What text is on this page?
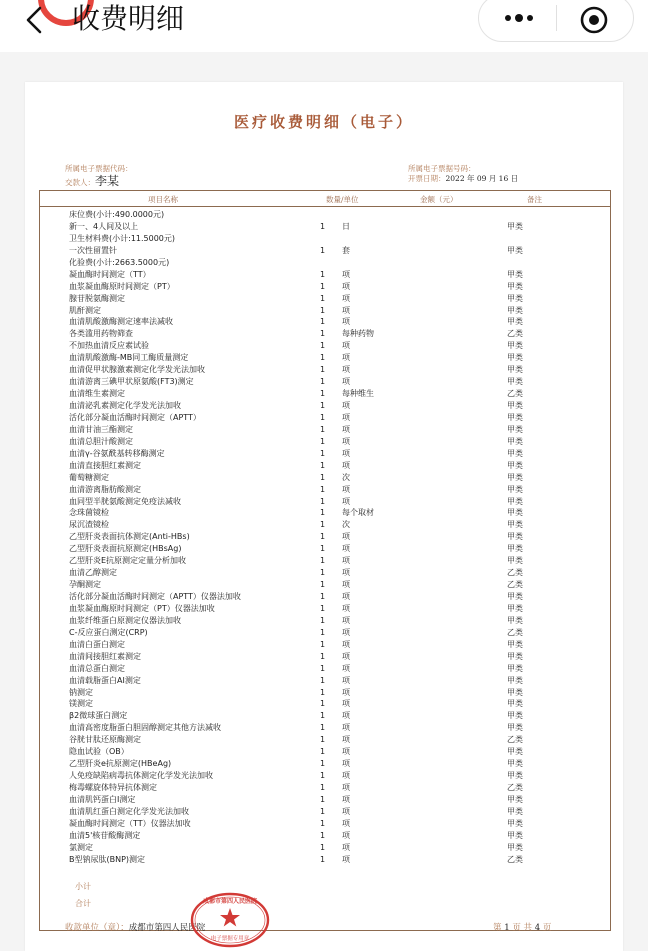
收费明细
医疗收费明细（电子）
所属电子票据代码：
交款人：李某
所属电子票据号码：
开票日期：2022 年 09 月 16 日
项目名称	数量/单位	金额（元）	备注
床位费(小计:490.0000元)
新一、4人间及以上	1 日	甲类
卫生材料费(小计:11.5000元)
一次性留置针	1 套	甲类
化验费(小计:2663.5000元)
凝血酶时间测定（TT）	1 项	甲类
血浆凝血酶原时间测定（PT）	1 项	甲类
腺苷脱氨酶测定	1 项	甲类
肌酐测定	1 项	甲类
血清肌酸激酶测定速率法减收	1 项	甲类
各类滥用药物筛查	1 每种药物	乙类
不加热血清反应素试验	1 项	甲类
血清肌酸激酶-MB同工酶质量测定	1 项	甲类
血清促甲状腺激素测定化学发光法加收	1 项	甲类
血清游离三碘甲状原氨酸(FT3)测定	1 项	甲类
血清维生素测定	1 每种维生	乙类
血清泌乳素测定化学发光法加收	1 项	甲类
活化部分凝血活酶时间测定（APTT）	1 项	甲类
血清甘油三酯测定	1 项	甲类
血清总胆汁酸测定	1 项	甲类
血清γ-谷氨酰基转移酶测定	1 项	甲类
血清直接胆红素测定	1 项	甲类
葡萄糖测定	1 次	甲类
血清游离脂肪酸测定	1 项	甲类
血同型半胱氨酸测定免疫法减收	1 项	甲类
念珠菌镜检	1 每个取材	甲类
尿沉渣镜检	1 次	甲类
乙型肝炎表面抗体测定(Anti-HBs)	1 项	甲类
乙型肝炎表面抗原测定(HBsAg)	1 项	甲类
乙型肝炎E抗原测定定量分析加收	1 项	甲类
血清乙醇测定	1 项	乙类
孕酮测定	1 项	乙类
活化部分凝血活酶时间测定（APTT）仪器法加收	1 项	甲类
血浆凝血酶原时间测定（PT）仪器法加收	1 项	甲类
血浆纤维蛋白原测定仪器法加收	1 项	甲类
C-反应蛋白测定(CRP)	1 项	乙类
血清白蛋白测定	1 项	甲类
血清间接胆红素测定	1 项	甲类
血清总蛋白测定	1 项	甲类
血清载脂蛋白AⅠ测定	1 项	甲类
钠测定	1 项	甲类
镁测定	1 项	甲类
β2微球蛋白测定	1 项	甲类
血清高密度脂蛋白胆固醇测定其他方法减收	1 项	甲类
谷胱甘肽还原酶测定	1 项	乙类
隐血试验（OB）	1 项	甲类
乙型肝炎e抗原测定(HBeAg)	1 项	甲类
人免疫缺陷病毒抗体测定化学发光法加收	1 项	甲类
梅毒螺旋体特异抗体测定	1 项	乙类
血清肌钙蛋白Ⅰ测定	1 项	甲类
血清肌红蛋白测定化学发光法加收	1 项	甲类
凝血酶时间测定（TT）仪器法加收	1 项	甲类
血清5'核苷酸酶测定	1 项	甲类
氯测定	1 项	甲类
B型钠尿肽(BNP)测定	1 项	乙类
小计
合计
收款单位（章）：成都市第四人民医院	第 1 页 共 4 页
成都市第四人民医院
电子票据专用章
